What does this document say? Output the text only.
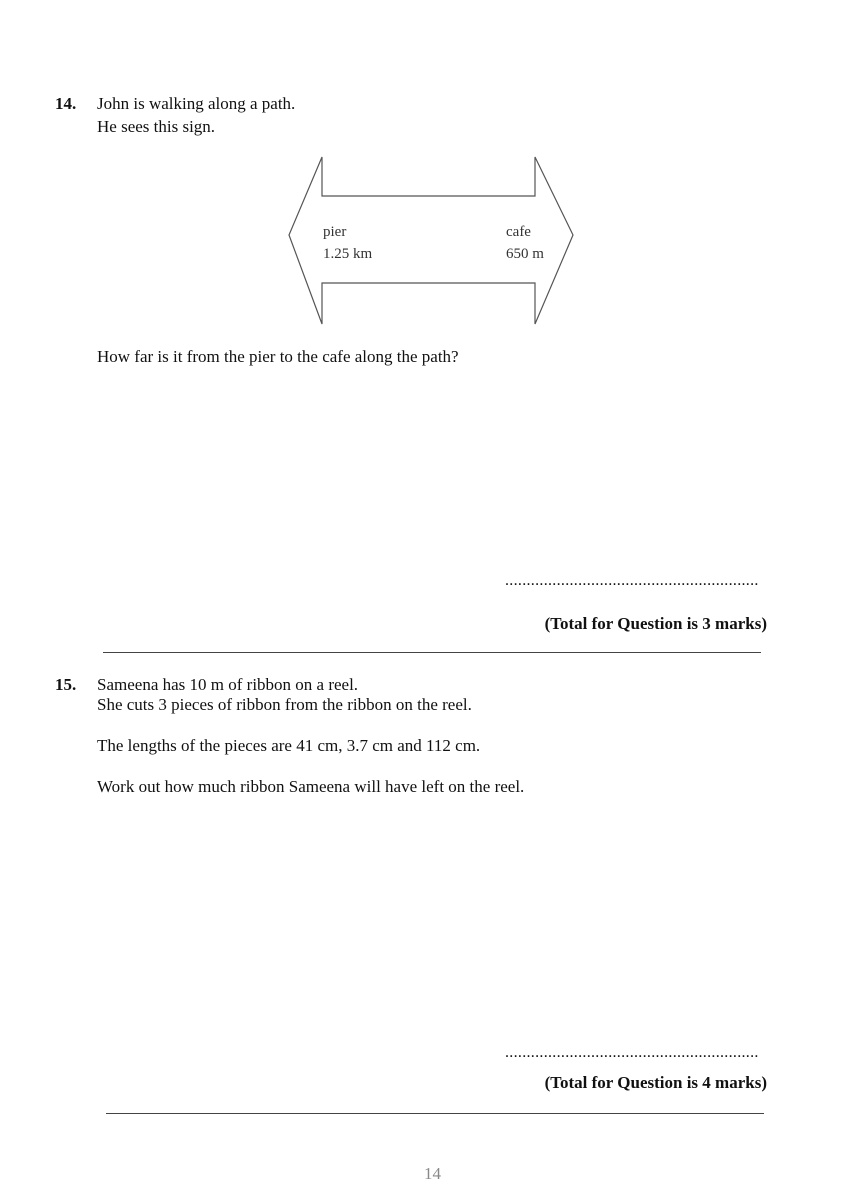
14. John is walking along a path.
He sees this sign.
pier
1.25 km
cafe
650 m
How far is it from the pier to the cafe along the path?
...........................................................
(Total for Question is 3 marks)
15. Sameena has 10 m of ribbon on a reel.
She cuts 3 pieces of ribbon from the ribbon on the reel.
The lengths of the pieces are 41 cm, 3.7 cm and 112 cm.
Work out how much ribbon Sameena will have left on the reel.
...........................................................
(Total for Question is 4 marks)
14
